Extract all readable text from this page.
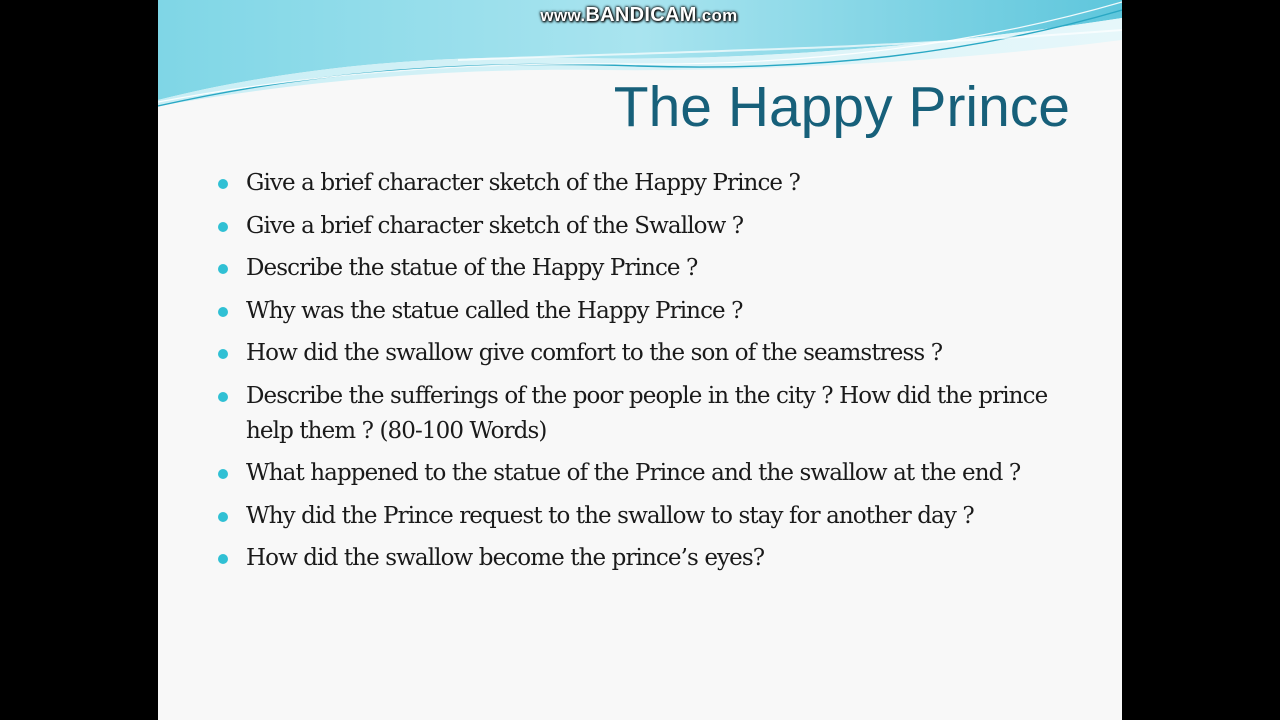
www.BANDICAM.com
The Happy Prince
Give a brief character sketch of the Happy Prince ?
Give a brief character sketch of the Swallow ?
Describe the statue of the Happy Prince ?
Why was the statue called the Happy Prince ?
How did the swallow give comfort to the son of the seamstress ?
Describe the sufferings of the poor people in the city ? How did the prince help them ? (80-100 Words)
What happened to the statue of the Prince and the swallow at the end ?
Why did the Prince request to the swallow to stay for another day ?
How did the swallow become the prince’s eyes?
